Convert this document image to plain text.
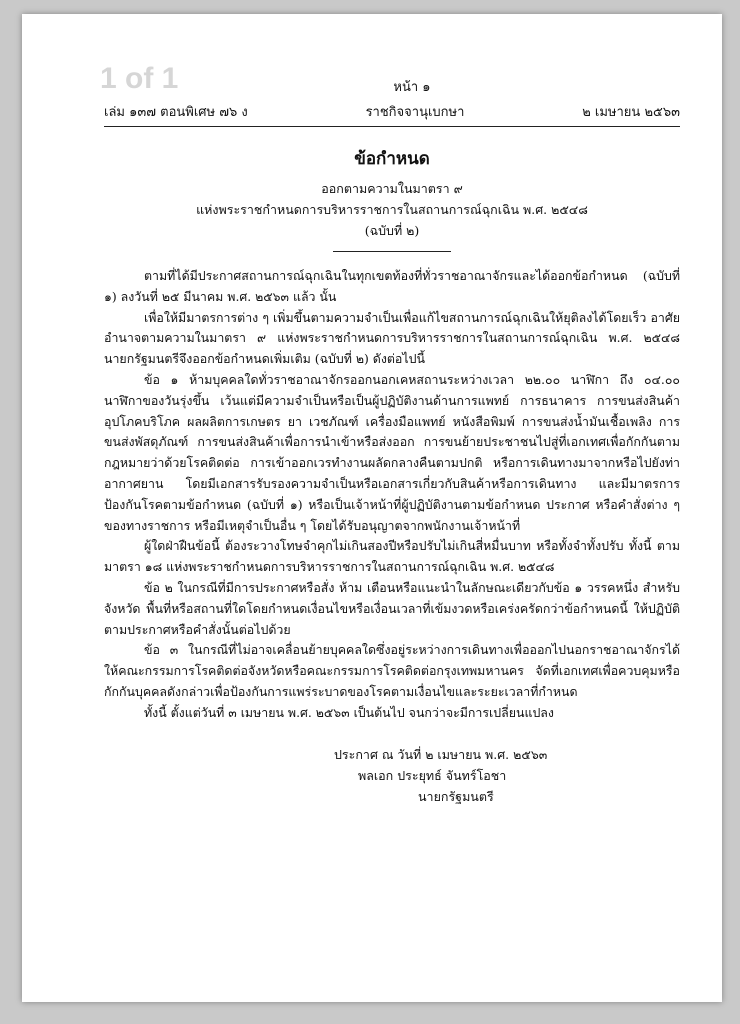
1 of 1	หน้า ๑
เล่ม ๑๓๗ ตอนพิเศษ ๗๖ ง	ราชกิจจานุเบกษา	๒ เมษายน ๒๕๖๓
ข้อกำหนด
ออกตามความในมาตรา ๙
แห่งพระราชกำหนดการบริหารราชการในสถานการณ์ฉุกเฉิน พ.ศ. ๒๕๔๘
(ฉบับที่ ๒)
ตามที่ได้มีประกาศสถานการณ์ฉุกเฉินในทุกเขตท้องที่ทั่วราชอาณาจักรและได้ออกข้อกำหนด (ฉบับที่ ๑) ลงวันที่ ๒๕ มีนาคม พ.ศ. ๒๕๖๓ แล้ว นั้น
เพื่อให้มีมาตรการต่าง ๆ เพิ่มขึ้นตามความจำเป็นเพื่อแก้ไขสถานการณ์ฉุกเฉินให้ยุติลงได้โดยเร็ว อาศัยอำนาจตามความในมาตรา ๙ แห่งพระราชกำหนดการบริหารราชการในสถานการณ์ฉุกเฉิน พ.ศ. ๒๕๔๘ นายกรัฐมนตรีจึงออกข้อกำหนดเพิ่มเติม (ฉบับที่ ๒) ดังต่อไปนี้
ข้อ ๑ ห้ามบุคคลใดทั่วราชอาณาจักรออกนอกเคหสถานระหว่างเวลา ๒๒.๐๐ นาฬิกา ถึง ๐๔.๐๐ นาฬิกาของวันรุ่งขึ้น เว้นแต่มีความจำเป็นหรือเป็นผู้ปฏิบัติงานด้านการแพทย์ การธนาคาร การขนส่งสินค้าอุปโภคบริโภค ผลผลิตการเกษตร ยา เวชภัณฑ์ เครื่องมือแพทย์ หนังสือพิมพ์ การขนส่งน้ำมันเชื้อเพลิง การขนส่งพัสดุภัณฑ์ การขนส่งสินค้าเพื่อการนำเข้าหรือส่งออก การขนย้ายประชาชนไปสู่ที่เอกเทศเพื่อกักกันตามกฎหมายว่าด้วยโรคติดต่อ การเข้าออกเวรทำงานผลัดกลางคืนตามปกติ หรือการเดินทางมาจากหรือไปยังท่าอากาศยาน โดยมีเอกสารรับรองความจำเป็นหรือเอกสารเกี่ยวกับสินค้าหรือการเดินทาง และมีมาตรการป้องกันโรคตามข้อกำหนด (ฉบับที่ ๑) หรือเป็นเจ้าหน้าที่ผู้ปฏิบัติงานตามข้อกำหนด ประกาศ หรือคำสั่งต่าง ๆ ของทางราชการ หรือมีเหตุจำเป็นอื่น ๆ โดยได้รับอนุญาตจากพนักงานเจ้าหน้าที่
ผู้ใดฝ่าฝืนข้อนี้ ต้องระวางโทษจำคุกไม่เกินสองปีหรือปรับไม่เกินสี่หมื่นบาท หรือทั้งจำทั้งปรับ ทั้งนี้ ตามมาตรา ๑๘ แห่งพระราชกำหนดการบริหารราชการในสถานการณ์ฉุกเฉิน พ.ศ. ๒๕๔๘
ข้อ ๒ ในกรณีที่มีการประกาศหรือสั่ง ห้าม เตือนหรือแนะนำในลักษณะเดียวกับข้อ ๑ วรรคหนึ่ง สำหรับจังหวัด พื้นที่หรือสถานที่ใดโดยกำหนดเงื่อนไขหรือเงื่อนเวลาที่เข้มงวดหรือเคร่งครัดกว่าข้อกำหนดนี้ ให้ปฏิบัติตามประกาศหรือคำสั่งนั้นต่อไปด้วย
ข้อ ๓ ในกรณีที่ไม่อาจเคลื่อนย้ายบุคคลใดซึ่งอยู่ระหว่างการเดินทางเพื่อออกไปนอกราชอาณาจักรได้ ให้คณะกรรมการโรคติดต่อจังหวัดหรือคณะกรรมการโรคติดต่อกรุงเทพมหานคร จัดที่เอกเทศเพื่อควบคุมหรือกักกันบุคคลดังกล่าวเพื่อป้องกันการแพร่ระบาดของโรคตามเงื่อนไขและระยะเวลาที่กำหนด
ทั้งนี้ ตั้งแต่วันที่ ๓ เมษายน พ.ศ. ๒๕๖๓ เป็นต้นไป จนกว่าจะมีการเปลี่ยนแปลง
ประกาศ ณ วันที่ ๒ เมษายน พ.ศ. ๒๕๖๓
พลเอก ประยุทธ์ จันทร์โอชา
นายกรัฐมนตรี
